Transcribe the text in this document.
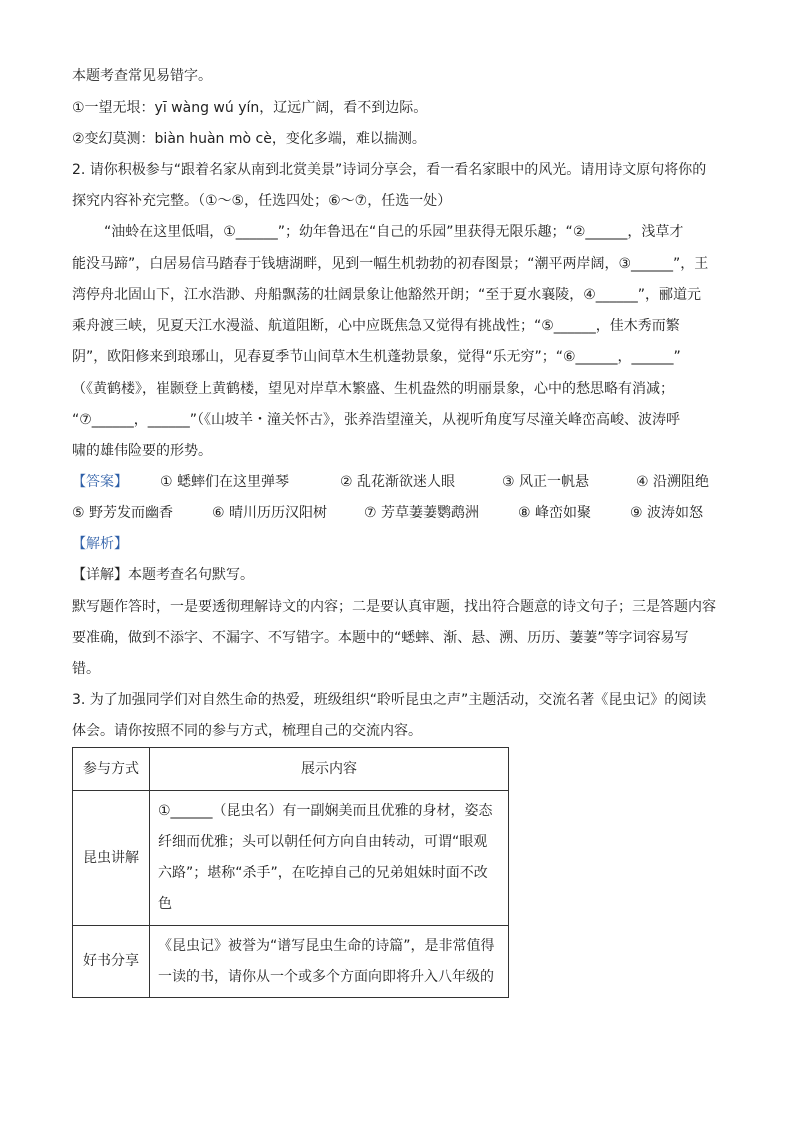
本题考查常见易错字。
①一望无垠：yī wàng wú yín，辽远广阔，看不到边际。
②变幻莫测：biàn huàn mò cè，变化多端，难以揣测。
2. 请你积极参与“跟着名家从南到北赏美景”诗词分享会，看一看名家眼中的风光。请用诗文原句将你的
探究内容补充完整。（①～⑤，任选四处；⑥～⑦，任选一处）
“油蛉在这里低唱，①______”；幼年鲁迅在“自己的乐园”里获得无限乐趣；“②______，浅草才
能没马蹄”，白居易信马踏春于钱塘湖畔，见到一幅生机勃勃的初春图景；“潮平两岸阔，③______”，王
湾停舟北固山下，江水浩渺、舟船飘荡的壮阔景象让他豁然开朗；“至于夏水襄陵，④______”，郦道元
乘舟渡三峡，见夏天江水漫溢、航道阻断，心中应既焦急又觉得有挑战性；“⑤______，佳木秀而繁
阴”，欧阳修来到琅琊山，见春夏季节山间草木生机蓬勃景象，觉得“乐无穷”；“⑥______，______”
（《黄鹤楼》，崔颢登上黄鹤楼，望见对岸草木繁盛、生机盎然的明丽景象，心中的愁思略有消减；
“⑦______，______”（《山坡羊・潼关怀古》，张养浩望潼关，从视听角度写尽潼关峰峦高峻、波涛呼
啸的雄伟险要的形势。
【答案】 ① 蟋蟀们在这里弹琴	② 乱花渐欲迷人眼	③ 风正一帆悬	④ 沿溯阻绝
⑤ 野芳发而幽香	⑥ 晴川历历汉阳树	⑦ 芳草萋萋鹦鹉洲	⑧ 峰峦如聚	⑨ 波涛如怒
【解析】
【详解】本题考查名句默写。
默写题作答时，一是要透彻理解诗文的内容；二是要认真审题，找出符合题意的诗文句子；三是答题内容
要准确，做到不添字、不漏字、不写错字。本题中的“蟋蟀、渐、悬、溯、历历、萋萋”等字词容易写
错。
3. 为了加强同学们对自然生命的热爱，班级组织“聆听昆虫之声”主题活动，交流名著《昆虫记》的阅读
体会。请你按照不同的参与方式，梳理自己的交流内容。
参与方式	展示内容
昆虫讲解	①______（昆虫名）有一副娴美而且优雅的身材，姿态
纤细而优雅；头可以朝任何方向自由转动，可谓“眼观
六路”；堪称“杀手”，在吃掉自己的兄弟姐妹时面不改
色

好书分享	《昆虫记》被誉为“谱写昆虫生命的诗篇”，是非常值得
一读的书，请你从一个或多个方面向即将升入八年级的
